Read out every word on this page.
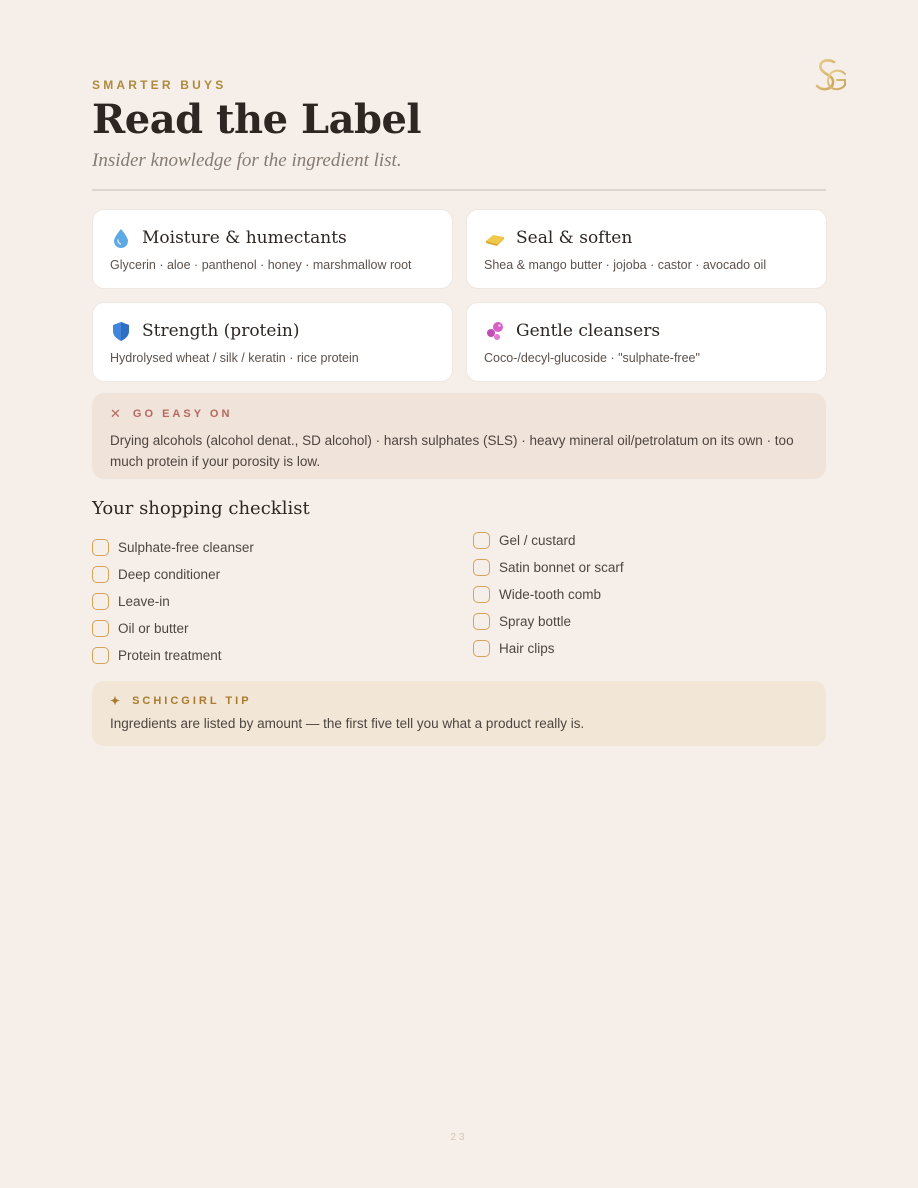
SMARTER BUYS
Read the Label
Insider knowledge for the ingredient list.
Moisture & humectants
Glycerin · aloe · panthenol · honey · marshmallow root
Seal & soften
Shea & mango butter · jojoba · castor · avocado oil
Strength (protein)
Hydrolysed wheat / silk / keratin · rice protein
Gentle cleansers
Coco-/decyl-glucoside · "sulphate-free"
✕ GO EASY ON
Drying alcohols (alcohol denat., SD alcohol) · harsh sulphates (SLS) · heavy mineral oil/petrolatum on its own · too much protein if your porosity is low.
Your shopping checklist
Sulphate-free cleanser
Deep conditioner
Leave-in
Oil or butter
Protein treatment
Gel / custard
Satin bonnet or scarf
Wide-tooth comb
Spray bottle
Hair clips
✦ SCHICGIRL TIP
Ingredients are listed by amount — the first five tell you what a product really is.
23
